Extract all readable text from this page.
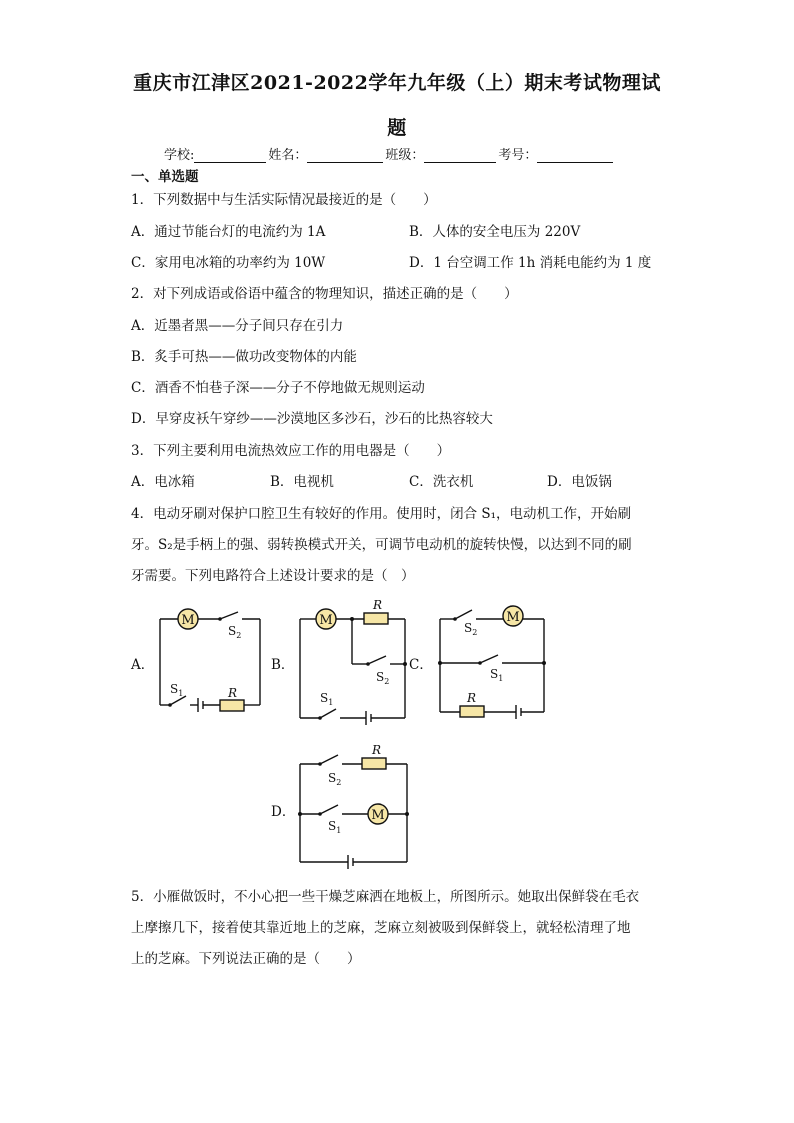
重庆市江津区2021-2022学年九年级（上）期末考试物理试
题
学校:	姓名：	班级：	考号：
一、单选题
1．下列数据中与生活实际情况最接近的是（　　）
A．通过节能台灯的电流约为 1A	B．人体的安全电压为 220V
C．家用电冰箱的功率约为 10W	D．1 台空调工作 1h 消耗电能约为 1 度
2．对下列成语或俗语中蕴含的物理知识，描述正确的是（　　）
A．近墨者黑——分子间只存在引力
B．炙手可热——做功改变物体的内能
C．酒香不怕巷子深——分子不停地做无规则运动
D．早穿皮袄午穿纱——沙漠地区多沙石，沙石的比热容较大
3．下列主要利用电流热效应工作的用电器是（　　）
A．电冰箱	B．电视机	C．洗衣机	D．电饭锅
4．电动牙刷对保护口腔卫生有较好的作用。使用时，闭合 S₁，电动机工作，开始刷
牙。S₂是手柄上的强、弱转换模式开关，可调节电动机的旋转快慢，以达到不同的刷
牙需要。下列电路符合上述设计要求的是（　）
A．	B．	C．
D．
M
R
$S_2$
$S_1$
M
R
$S_2$
$S_1$
M
R
$S_2$
$S_1$
R
M
$S_2$
$S_1$
5．小雁做饭时，不小心把一些干燥芝麻洒在地板上，所图所示。她取出保鲜袋在毛衣
上摩擦几下，接着使其靠近地上的芝麻，芝麻立刻被吸到保鲜袋上，就轻松清理了地
上的芝麻。下列说法正确的是（　　）
